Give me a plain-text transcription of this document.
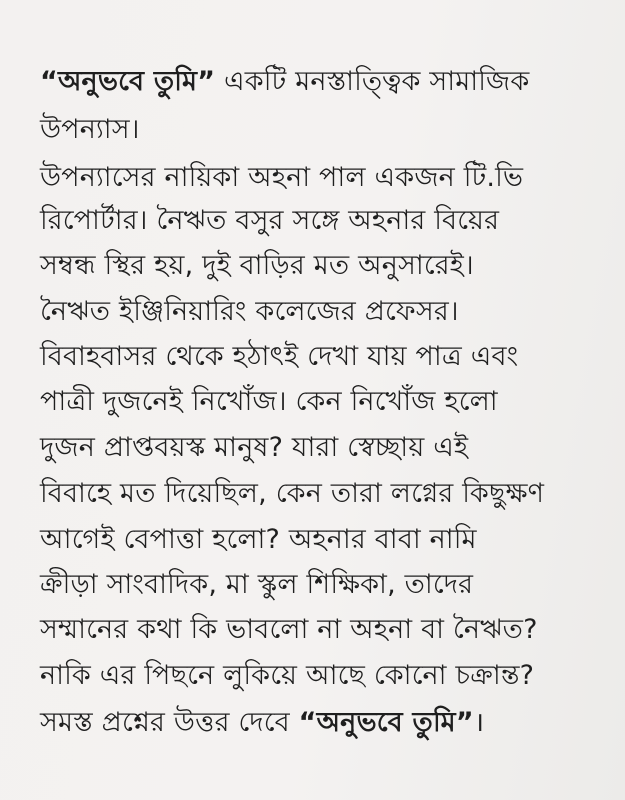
“অনুভবে তুমি” একটি মনস্তাত্ত্বিক সামাজিক
উপন্যাস।
উপন্যাসের নায়িকা অহনা পাল একজন টি.ভি
রিপোর্টার। নৈঋত বসুর সঙ্গে অহনার বিয়ের
সম্বন্ধ স্থির হয়, দুই বাড়ির মত অনুসারেই।
নৈঋত ইঞ্জিনিয়ারিং কলেজের প্রফেসর।
বিবাহবাসর থেকে হঠাৎই দেখা যায় পাত্র এবং
পাত্রী দুজনেই নিখোঁজ। কেন নিখোঁজ হলো
দুজন প্রাপ্তবয়স্ক মানুষ? যারা স্বেচ্ছায় এই
বিবাহে মত দিয়েছিল, কেন তারা লগ্নের কিছুক্ষণ
আগেই বেপাত্তা হলো? অহনার বাবা নামি
ক্রীড়া সাংবাদিক, মা স্কুল শিক্ষিকা, তাদের
সম্মানের কথা কি ভাবলো না অহনা বা নৈঋত?
নাকি এর পিছনে লুকিয়ে আছে কোনো চক্রান্ত?
সমস্ত প্রশ্নের উত্তর দেবে “অনুভবে তুমি”।
